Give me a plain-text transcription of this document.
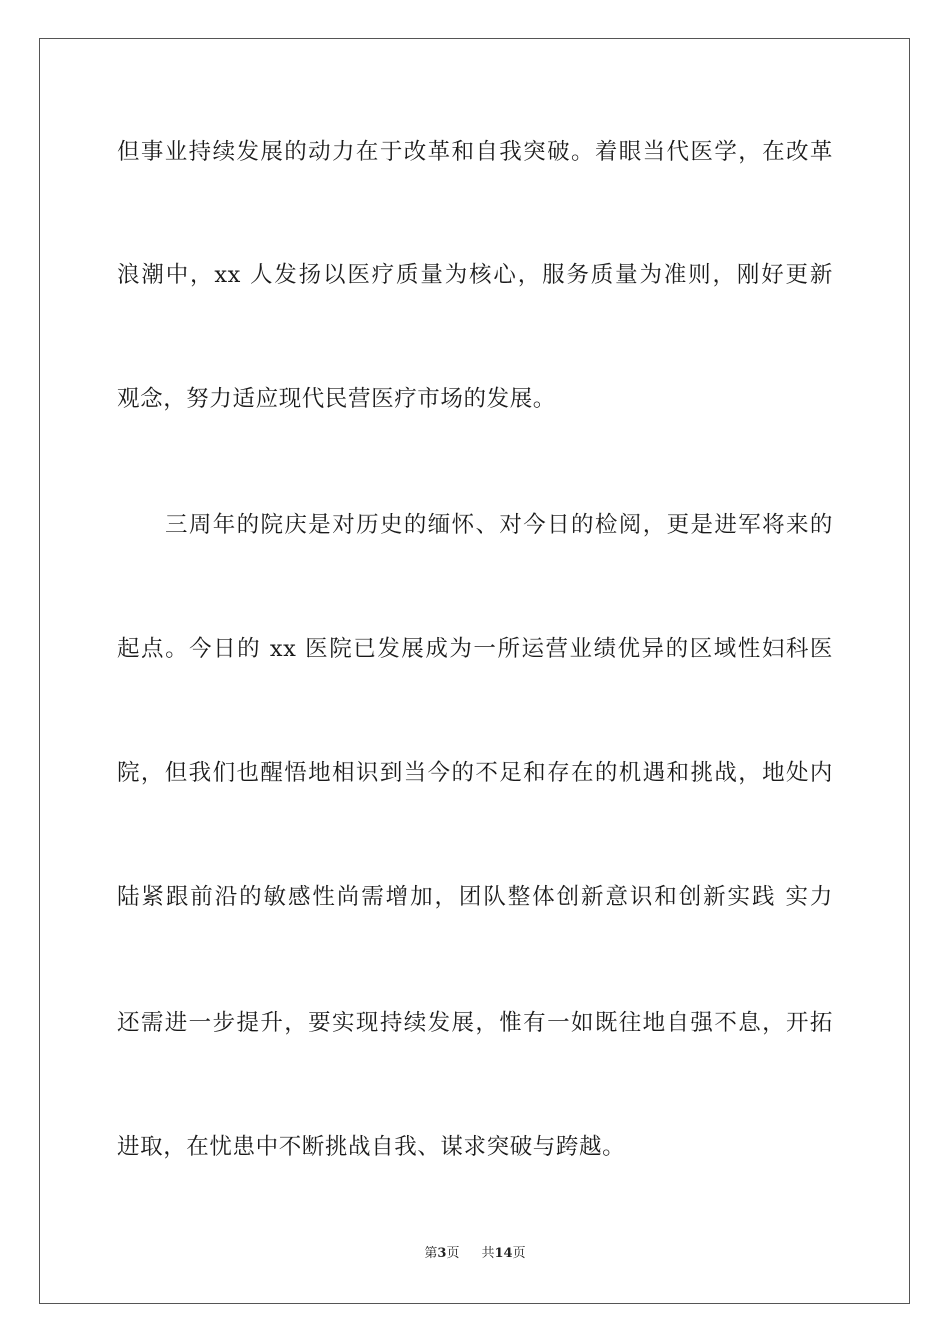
但事业持续发展的动力在于改革和自我突破。着眼当代医学，在改革
浪潮中，xx 人发扬以医疗质量为核心，服务质量为准则，刚好更新
观念，努力适应现代民营医疗市场的发展。
三周年的院庆是对历史的缅怀、对今日的检阅，更是进军将来的
起点。今日的 xx 医院已发展成为一所运营业绩优异的区域性妇科医
院，但我们也醒悟地相识到当今的不足和存在的机遇和挑战，地处内
陆紧跟前沿的敏感性尚需增加，团队整体创新意识和创新实践 实力
还需进一步提升，要实现持续发展，惟有一如既往地自强不息，开拓
进取，在忧患中不断挑战自我、谋求突破与跨越。
第3页 共14页
